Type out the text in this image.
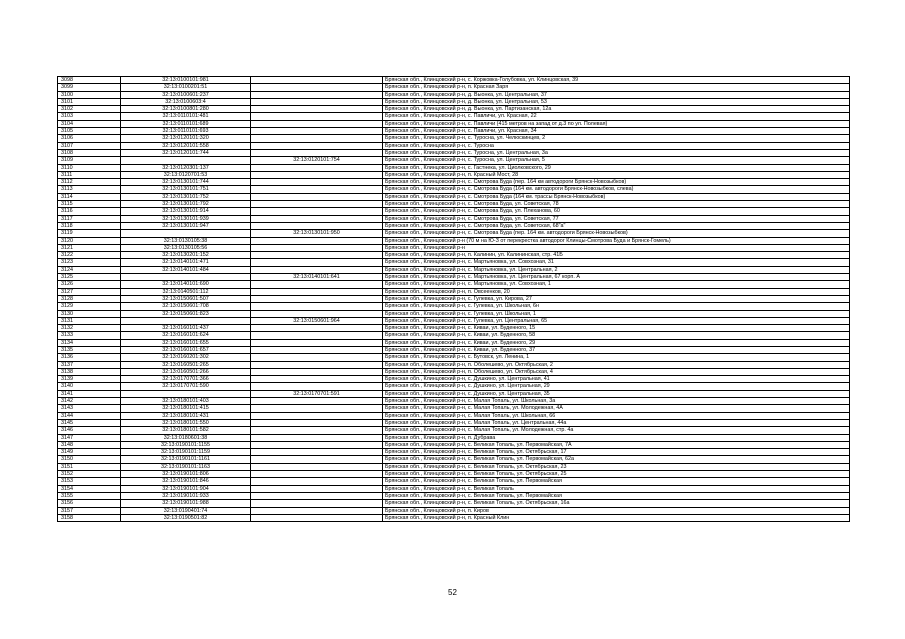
3098	32:13:0100101:981		Брянская обл., Клинцовский р-н, с. Коржовка-Голубовка, ул. Клинцовская, 39
3099	32:13:0100201:51		Брянская обл., Клинцовский р-н, п. Красная Заря
3100	32:13:0100601:237		Брянская обл., Клинцовский р-н, д. Выонка, ул. Центральная, 37
3101	32:13:0100603:4		Брянская обл., Клинцовский р-н, д. Выонка, ул. Центральная, 53
3102	32:13:0100801:280		Брянская обл., Клинцовский р-н, д. Выонка, ул. Партизанская, 12а
3103	32:13:0110101:481		Брянская обл., Клинцовский р-н, с. Павличи, ул. Красная, 22
3104	32:13:0110101:689		Брянская обл., Клинцовский р-н, с. Павличи (415 метров на запад от д.3 по ул. Полевая)
3105	32:13:0110101:693		Брянская обл., Клинцовский р-н, с. Павличи, ул. Красная, 34
3106	32:13:0120101:320		Брянская обл., Клинцовский р-н, с. Туросна, ул. Челюскинцев, 2
3107	32:13:0120101:558		Брянская обл., Клинцовский р-н, с. Туросна
3108	32:13:0120101:744		Брянская обл., Клинцовский р-н, с. Туросна, ул. Центральная, 3а
3109		32:13:0120101:754	Брянская обл., Клинцовский р-н, с. Туросна, ул. Центральная, 5
3110	32:13:0120301:137		Брянская обл., Клинцовский р-н, с. Гастнека, ул. Циолковского, 29
3111	32:13:0120701:53		Брянская обл., Клинцовский р-н, п. Красный Мост, 28
3112	32:13:0130101:744		Брянская обл., Клинцовский р-н, с. Смотрова Буда (пер. 164 км автодороги Брянск-Новозыбков)
3113	32:13:0130101:751		Брянская обл., Клинцовский р-н, с. Смотрова Буда (164 км. автодороги Брянск-Новозыбков, слева)
3114	32:13:0130101:752		Брянская обл., Клинцовский р-н, с. Смотрова Буда (164 км. трассы Брянск-Новозыбков)
3115	32:13:0130101:792		Брянская обл., Клинцовский р-н, с. Смотрова Буда, ул. Советская, 78
3116	32:13:0130101:914		Брянская обл., Клинцовский р-н, с. Смотрова Буда, ул. Плеханова, 60
3117	32:13:0130101:939		Брянская обл., Клинцовский р-н, с. Смотрова Буда, ул. Советская, 77
3118	32:13:0130101:947		Брянская обл., Клинцовский р-н, с. Смотрова Буда, ул. Советская, 68"а"
3119		32:13:0130101:950	Брянская обл., Клинцовский р-н, с. Смотрова Буда (пер. 164 км. автодороги Брянск-Новозыбков)
3120	32:13:0130105:38		Брянская обл., Клинцовский р-н (70 м на Ю-З от перекрестка автодорог Клинцы-Смотрова Буда и Брянск-Гомель)
3121	32:13:0130105:56		Брянская обл., Клинцовский р-н
3122	32:13:0130201:152		Брянская обл., Клинцовский р-н, п. Калинин, ул. Калининская, стр. 41Б
3123	32:13:0140101:471		Брянская обл., Клинцовский р-н, с. Мартьяновка, ул. Совхозная, 31
3124	32:13:0140101:484		Брянская обл., Клинцовский р-н, с. Мартьяновка, ул. Центральная, 2
3125		32:13:0140101:641	Брянская обл., Клинцовский р-н, с. Мартьяновка, ул. Центральная, 67 корп. А
3126	32:13:0140101:690		Брянская обл., Клинцовский р-н, с. Мартьяновка, ул. Совхозная, 1
3127	32:13:0140501:112		Брянская обл., Клинцовский р-н, п. Овсеенков, 20
3128	32:13:0150601:507		Брянская обл., Клинцовский р-н, с. Гулевка, ул. Кирова, 27
3129	32:13:0150601:708		Брянская обл., Клинцовский р-н, с. Гулевка, ул. Школьная, 6н
3130	32:13:0150601:823		Брянская обл., Клинцовский р-н, с. Гулевка, ул. Школьная, 1
3131		32:13:0150601:964	Брянская обл., Клинцовский р-н, с. Гулевка, ул. Центральная, 65
3132	32:13:0160101:437		Брянская обл., Клинцовский р-н, с. Киваи, ул. Буденного, 15
3133	32:13:0160101:624		Брянская обл., Клинцовский р-н, с. Киваи, ул. Буденного, 58
3134	32:13:0160101:655		Брянская обл., Клинцовский р-н, с. Киваи, ул. Буденного, 29
3135	32:13:0160101:657		Брянская обл., Клинцовский р-н, с. Киваи, ул. Буденного, 37
3136	32:13:0160201:302		Брянская обл., Клинцовский р-н, с. Бутовск, ул. Ленина, 1
3137	32:13:0160501:265		Брянская обл., Клинцовский р-н, п. Оболешево, ул. Октябрьская, 2
3138	32:13:0160501:266		Брянская обл., Клинцовский р-н, п. Оболешево, ул. Октябрьская, 4
3139	32:13:0170701:366		Брянская обл., Клинцовский р-н, с. Душкино, ул. Центральная, 41
3140	32:13:0170701:590		Брянская обл., Клинцовский р-н, с. Душкино, ул. Центральная, 29
3141		32:13:0170701:591	Брянская обл., Клинцовский р-н, с. Душкино, ул. Центральная, 35
3142	32:13:0180101:403		Брянская обл., Клинцовский р-н, с. Малая Топаль, ул. Школьная, 3а
3143	32:13:0180101:415		Брянская обл., Клинцовский р-н, с. Малая Топаль, ул. Молодежная, 4А
3144	32:13:0180101:431		Брянская обл., Клинцовский р-н, с. Малая Топаль, ул. Школьная, 66
3145	32:13:0180101:550		Брянская обл., Клинцовский р-н, с. Малая Топаль, ул. Центральная, 44а
3146	32:13:0180101:582		Брянская обл., Клинцовский р-н, с. Малая Топаль, ул. Молодежная, стр. 4а
3147	32:13:0180601:38		Брянская обл., Клинцовский р-н, п. Дубрава
3148	32:13:0190101:1155		Брянская обл., Клинцовский р-н, с. Великая Топаль, ул. Первомайская, 7А
3149	32:13:0190101:1159		Брянская обл., Клинцовский р-н, с. Великая Топаль, ул. Октябрьская, 17
3150	32:13:0190101:1161		Брянская обл., Клинцовский р-н, с. Великая Топаль, ул. Первомайская, 62а
3151	32:13:0190101:1163		Брянская обл., Клинцовский р-н, с. Великая Топаль, ул. Октябрьская, 23
3152	32:13:0190101:806		Брянская обл., Клинцовский р-н, с. Великая Топаль, ул. Октябрьская, 25
3153	32:13:0190101:846		Брянская обл., Клинцовский р-н, с. Великая Топаль, ул. Первомайская
3154	32:13:0190101:904		Брянская обл., Клинцовский р-н, с. Великая Топаль
3155	32:13:0190101:933		Брянская обл., Клинцовский р-н, с. Великая Топаль, ул. Первомайская
3156	32:13:0190101:988		Брянская обл., Клинцовский р-н, с. Великая Топаль, ул. Октябрьская, 16а
3157	32:13:0190401:74		Брянская обл., Клинцовский р-н, п. Киров
3158	32:13:0190501:82		Брянская обл., Клинцовский р-н, п. Красный Клин
52
